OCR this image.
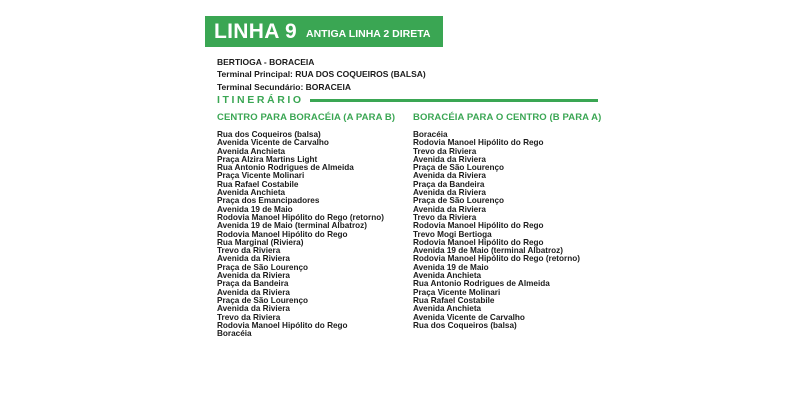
LINHA 9 ANTIGA LINHA 2 DIRETA
BERTIOGA - BORACEIA
Terminal Principal: RUA DOS COQUEIROS (BALSA)
Terminal Secundário: BORACEIA
ITINERÁRIO
CENTRO PARA BORACÉIA (A PARA B)
Rua dos Coqueiros (balsa)
Avenida Vicente de Carvalho
Avenida Anchieta
Praça Alzira Martins Light
Rua Antonio Rodrigues de Almeida
Praça Vicente Molinari
Rua Rafael Costabile
Avenida Anchieta
Praça dos Emancipadores
Avenida 19 de Maio
Rodovia Manoel Hipólito do Rego (retorno)
Avenida 19 de Maio (terminal Albatroz)
Rodovia Manoel Hipólito do Rego
Rua Marginal (Riviera)
Trevo da Riviera
Avenida da Riviera
Praça de São Lourenço
Avenida da Riviera
Praça da Bandeira
Avenida da Riviera
Praça de São Lourenço
Avenida da Riviera
Trevo da Riviera
Rodovia Manoel Hipólito do Rego
Boracéia
BORACÉIA PARA O CENTRO (B PARA A)
Boracéia
Rodovia Manoel Hipólito do Rego
Trevo da Riviera
Avenida da Riviera
Praça de São Lourenço
Avenida da Riviera
Praça da Bandeira
Avenida da Riviera
Praça de São Lourenço
Avenida da Riviera
Trevo da Riviera
Rodovia Manoel Hipólito do Rego
Trevo Mogi Bertioga
Rodovia Manoel Hipólito do Rego
Avenida 19 de Maio (terminal Albatroz)
Rodovia Manoel Hipólito do Rego (retorno)
Avenida 19 de Maio
Avenida Anchieta
Rua Antonio Rodrigues de Almeida
Praça Vicente Molinari
Rua Rafael Costabile
Avenida Anchieta
Avenida Vicente de Carvalho
Rua dos Coqueiros (balsa)
